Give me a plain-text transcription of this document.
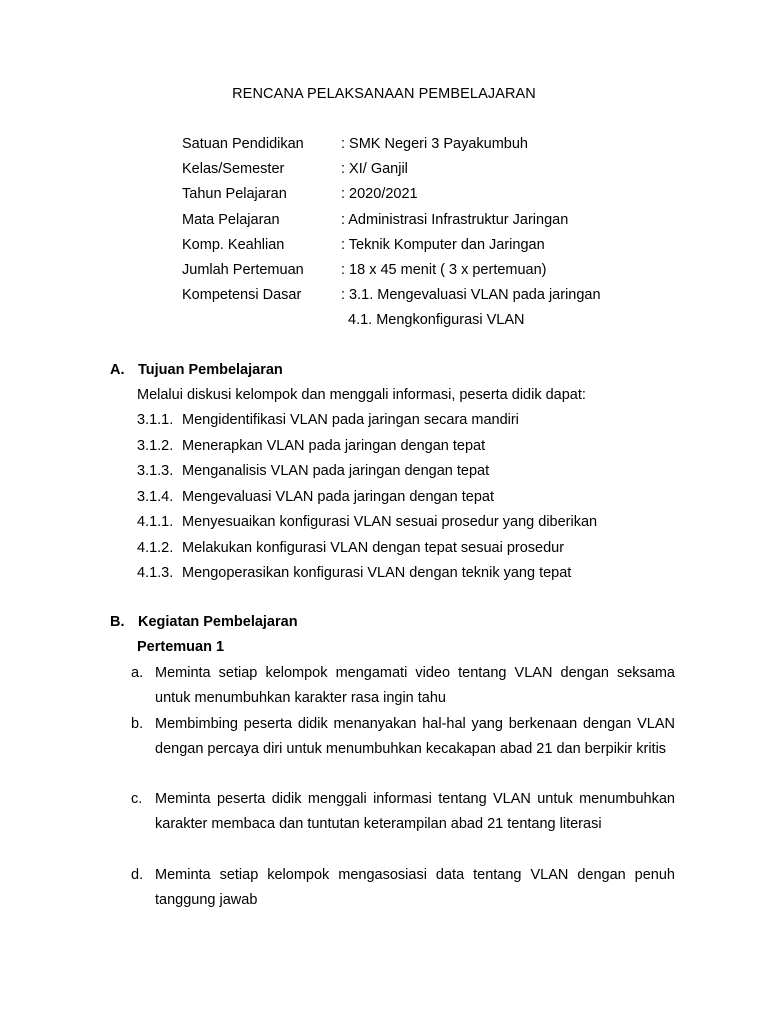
RENCANA PELAKSANAAN PEMBELAJARAN
Satuan Pendidikan	: SMK Negeri 3 Payakumbuh
Kelas/Semester	: XI/ Ganjil
Tahun Pelajaran	: 2020/2021
Mata Pelajaran	: Administrasi Infrastruktur Jaringan
Komp. Keahlian	: Teknik Komputer dan Jaringan
Jumlah Pertemuan	: 18 x 45 menit ( 3 x pertemuan)
Kompetensi Dasar	: 3.1. Mengevaluasi VLAN pada jaringan
4.1. Mengkonfigurasi VLAN
A. Tujuan Pembelajaran
Melalui diskusi kelompok dan menggali informasi, peserta didik dapat:
3.1.1. Mengidentifikasi VLAN pada jaringan secara mandiri
3.1.2. Menerapkan VLAN pada jaringan dengan tepat
3.1.3. Menganalisis VLAN pada jaringan dengan tepat
3.1.4. Mengevaluasi VLAN pada jaringan dengan tepat
4.1.1. Menyesuaikan konfigurasi VLAN sesuai prosedur yang diberikan
4.1.2. Melakukan konfigurasi VLAN dengan tepat sesuai prosedur
4.1.3. Mengoperasikan konfigurasi VLAN dengan teknik yang tepat
B. Kegiatan Pembelajaran
Pertemuan 1
a. Meminta setiap kelompok mengamati video tentang VLAN dengan seksama untuk menumbuhkan karakter rasa ingin tahu
b. Membimbing peserta didik menanyakan hal-hal yang berkenaan dengan VLAN dengan percaya diri untuk menumbuhkan kecakapan abad 21 dan berpikir kritis
c. Meminta peserta didik menggali informasi tentang VLAN untuk menumbuhkan karakter membaca dan tuntutan keterampilan abad 21 tentang literasi
d. Meminta setiap kelompok mengasosiasi data tentang VLAN dengan penuh tanggung jawab
